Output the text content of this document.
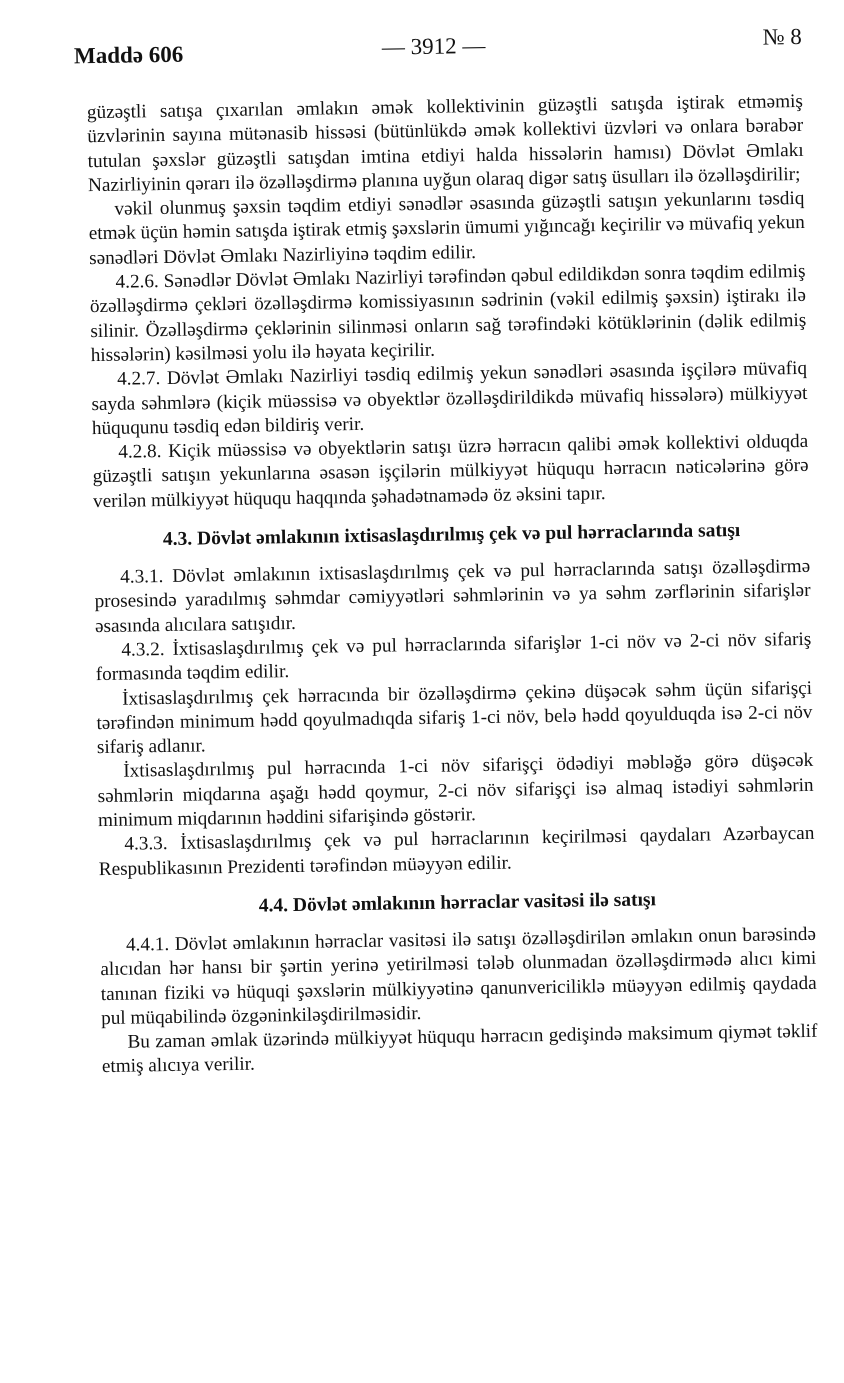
Maddə 606	— 3912 —	№ 8

güzəştli satışa çıxarılan əmlakın əmək kollektivinin güzəştli satışda iştirak etməmiş üzvlərinin sayına mütənasib hissəsi (bütünlükdə əmək kollektivi üzvləri və onlara bərabər tutulan şəxslər güzəştli satışdan imtina etdiyi halda hissələrin hamısı) Dövlət Əmlakı Nazirliyinin qərarı ilə özəlləşdirmə planına uyğun olaraq digər satış üsulları ilə özəlləşdirilir;

vəkil olunmuş şəxsin təqdim etdiyi sənədlər əsasında güzəştli satışın yekunlarını təsdiq etmək üçün həmin satışda iştirak etmiş şəxslərin ümumi yığıncağı keçirilir və müvafiq yekun sənədləri Dövlət Əmlakı Nazirliyinə təqdim edilir.

4.2.6. Sənədlər Dövlət Əmlakı Nazirliyi tərəfindən qəbul edildikdən sonra təqdim edilmiş özəlləşdirmə çekləri özəlləşdirmə komissiyasının sədrinin (vəkil edilmiş şəxsin) iştirakı ilə silinir. Özəlləşdirmə çeklərinin silinməsi onların sağ tərəfindəki kötüklərinin (dəlik edilmiş hissələrin) kəsilməsi yolu ilə həyata keçirilir.

4.2.7. Dövlət Əmlakı Nazirliyi təsdiq edilmiş yekun sənədləri əsasında işçilərə müvafiq sayda səhmlərə (kiçik müəssisə və obyektlər özəlləşdirildikdə müvafiq hissələrə) mülkiyyət hüququnu təsdiq edən bildiriş verir.

4.2.8. Kiçik müəssisə və obyektlərin satışı üzrə hərracın qalibi əmək kollektivi olduqda güzəştli satışın yekunlarına əsasən işçilərin mülkiyyət hüququ hərracın nəticələrinə görə verilən mülkiyyət hüququ haqqında şəhadətnamədə öz əksini tapır.

4.3. Dövlət əmlakının ixtisaslaşdırılmış çek və pul hərraclarında satışı

4.3.1. Dövlət əmlakının ixtisaslaşdırılmış çek və pul hərraclarında satışı özəlləşdirmə prosesində yaradılmış səhmdar cəmiyyətləri səhmlərinin və ya səhm zərflərinin sifarişlər əsasında alıcılara satışıdır.

4.3.2. İxtisaslaşdırılmış çek və pul hərraclarında sifarişlər 1-ci növ və 2-ci növ sifariş formasında təqdim edilir.

İxtisaslaşdırılmış çek hərracında bir özəlləşdirmə çekinə düşəcək səhm üçün sifarişçi tərəfindən minimum hədd qoyulmadıqda sifariş 1-ci növ, belə hədd qoyulduqda isə 2-ci növ sifariş adlanır.

İxtisaslaşdırılmış pul hərracında 1-ci növ sifarişçi ödədiyi məbləğə görə düşəcək səhmlərin miqdarına aşağı hədd qoymur, 2-ci növ sifarişçi isə almaq istədiyi səhmlərin minimum miqdarının həddini sifarişində göstərir.

4.3.3. İxtisaslaşdırılmış çek və pul hərraclarının keçirilməsi qaydaları Azərbaycan Respublikasının Prezidenti tərəfindən müəyyən edilir.

4.4. Dövlət əmlakının hərraclar vasitəsi ilə satışı

4.4.1. Dövlət əmlakının hərraclar vasitəsi ilə satışı özəlləşdirilən əmlakın onun barəsində alıcıdan hər hansı bir şərtin yerinə yetirilməsi tələb olunmadan özəlləşdirmədə alıcı kimi tanınan fiziki və hüquqi şəxslərin mülkiyyətinə qanunvericiliklə müəyyən edilmiş qaydada pul müqabilində özgəninkiləşdirilməsidir.

Bu zaman əmlak üzərində mülkiyyət hüququ hərracın gedişində maksimum qiymət təklif etmiş alıcıya verilir.
